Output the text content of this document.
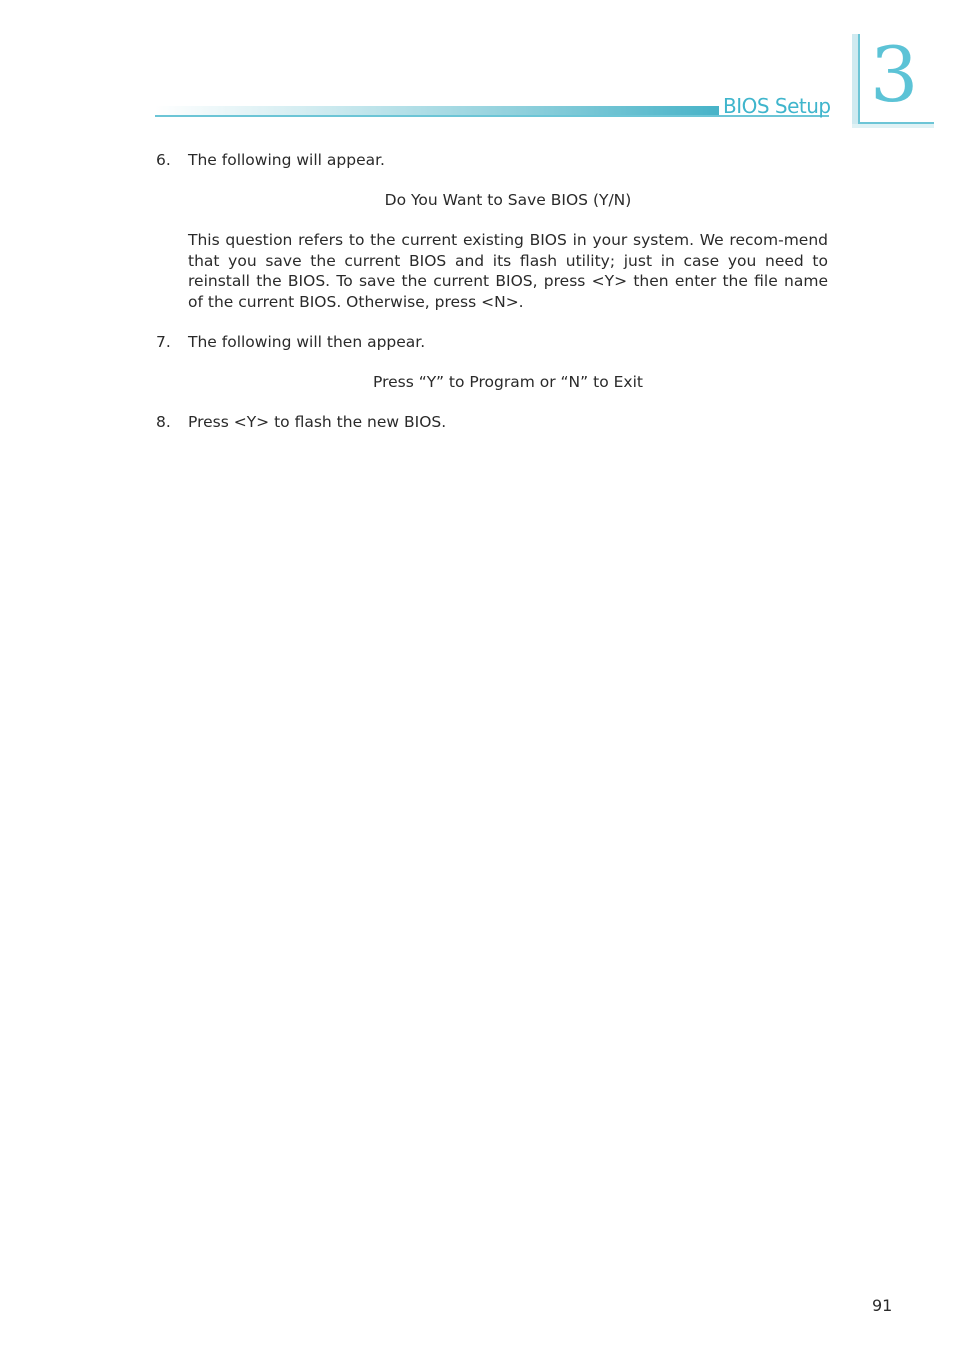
BIOS Setup 3
6.	The following will appear.

Do You Want to Save BIOS (Y/N)

This question refers to the current existing BIOS in your system. We recom-mend that you save the current BIOS and its flash utility; just in case you need to reinstall the BIOS. To save the current BIOS, press <Y> then enter the file name of the current BIOS. Otherwise, press <N>.

7.	The following will then appear.

Press “Y” to Program or “N” to Exit

8.	Press <Y> to flash the new BIOS.
91
